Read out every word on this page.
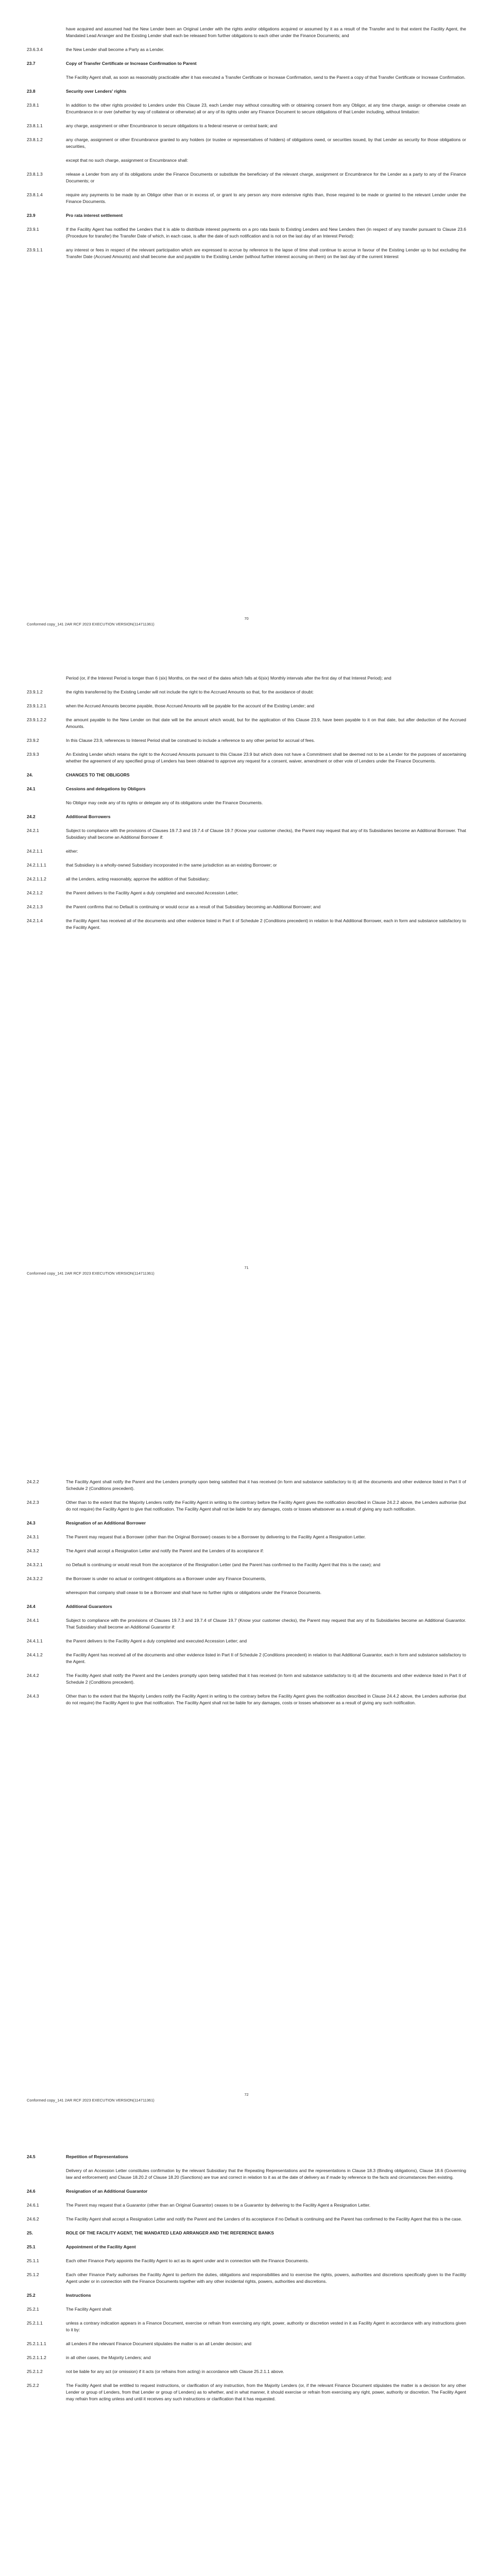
have acquired and assumed had the New Lender been an Original Lender with the rights and/or obligations acquired or assumed by it as a result of the Transfer and to that extent the Facility Agent, the Mandated Lead Arranger and the Existing Lender shall each be released from further obligations to each other under the Finance Documents; and
23.6.3.4	the New Lender shall become a Party as a Lender.
23.7	Copy of Transfer Certificate or Increase Confirmation to Parent
The Facility Agent shall, as soon as reasonably practicable after it has executed a Transfer Certificate or Increase Confirmation, send to the Parent a copy of that Transfer Certificate or Increase Confirmation.
23.8	Security over Lenders' rights
23.8.1	In addition to the other rights provided to Lenders under this Clause 23, each Lender may without consulting with or obtaining consent from any Obligor, at any time charge, assign or otherwise create an Encumbrance in or over (whether by way of collateral or otherwise) all or any of its rights under any Finance Document to secure obligations of that Lender including, without limitation:
23.8.1.1	any charge, assignment or other Encumbrance to secure obligations to a federal reserve or central bank; and
23.8.1.2	any charge, assignment or other Encumbrance granted to any holders (or trustee or representatives of holders) of obligations owed, or securities issued, by that Lender as security for those obligations or securities,
except that no such charge, assignment or Encumbrance shall:
23.8.1.3	release a Lender from any of its obligations under the Finance Documents or substitute the beneficiary of the relevant charge, assignment or Encumbrance for the Lender as a party to any of the Finance Documents; or
23.8.1.4	require any payments to be made by an Obligor other than or in excess of, or grant to any person any more extensive rights than, those required to be made or granted to the relevant Lender under the Finance Documents.
23.9	Pro rata interest settlement
23.9.1	If the Facility Agent has notified the Lenders that it is able to distribute interest payments on a pro rata basis to Existing Lenders and New Lenders then (in respect of any transfer pursuant to Clause 23.6 (Procedure for transfer) the Transfer Date of which, in each case, is after the date of such notification and is not on the last day of an Interest Period):
23.9.1.1	any interest or fees in respect of the relevant participation which are expressed to accrue by reference to the lapse of time shall continue to accrue in favour of the Existing Lender up to but excluding the Transfer Date (Accrued Amounts) and shall become due and payable to the Existing Lender (without further interest accruing on them) on the last day of the current Interest
70
Conformed copy_141 2AR RCF 2023 EXECUTION VERSION(114711361)
Period (or, if the Interest Period is longer than 6 (six) Months, on the next of the dates which falls at 6(six) Monthly intervals after the first day of that Interest Period); and
23.9.1.2	the rights transferred by the Existing Lender will not include the right to the Accrued Amounts so that, for the avoidance of doubt:
23.9.1.2.1	when the Accrued Amounts become payable, those Accrued Amounts will be payable for the account of the Existing Lender; and
23.9.1.2.2	the amount payable to the New Lender on that date will be the amount which would, but for the application of this Clause 23.9, have been payable to it on that date, but after deduction of the Accrued Amounts.
23.9.2	In this Clause 23.9, references to Interest Period shall be construed to include a reference to any other period for accrual of fees.
23.9.3	An Existing Lender which retains the right to the Accrued Amounts pursuant to this Clause 23.9 but which does not have a Commitment shall be deemed not to be a Lender for the purposes of ascertaining whether the agreement of any specified group of Lenders has been obtained to approve any request for a consent, waiver, amendment or other vote of Lenders under the Finance Documents.
24.	CHANGES TO THE OBLIGORS
24.1	Cessions and delegations by Obligors
No Obligor may cede any of its rights or delegate any of its obligations under the Finance Documents.
24.2	Additional Borrowers
24.2.1	Subject to compliance with the provisions of Clauses 19.7.3 and 19.7.4 of Clause 19.7 (Know your customer checks), the Parent may request that any of its Subsidiaries become an Additional Borrower. That Subsidiary shall become an Additional Borrower if:
24.2.1.1	either:
24.2.1.1.1	that Subsidiary is a wholly-owned Subsidiary incorporated in the same jurisdiction as an existing Borrower; or
24.2.1.1.2	all the Lenders, acting reasonably, approve the addition of that Subsidiary;
24.2.1.2	the Parent delivers to the Facility Agent a duly completed and executed Accession Letter;
24.2.1.3	the Parent confirms that no Default is continuing or would occur as a result of that Subsidiary becoming an Additional Borrower; and
24.2.1.4	the Facility Agent has received all of the documents and other evidence listed in Part II of Schedule 2 (Conditions precedent) in relation to that Additional Borrower, each in form and substance satisfactory to the Facility Agent.
71
Conformed copy_141 2AR RCF 2023 EXECUTION VERSION(114711361)
24.2.2	The Facility Agent shall notify the Parent and the Lenders promptly upon being satisfied that it has received (in form and substance satisfactory to it) all the documents and other evidence listed in Part II of Schedule 2 (Conditions precedent).
24.2.3	Other than to the extent that the Majority Lenders notify the Facility Agent in writing to the contrary before the Facility Agent gives the notification described in Clause 24.2.2 above, the Lenders authorise (but do not require) the Facility Agent to give that notification. The Facility Agent shall not be liable for any damages, costs or losses whatsoever as a result of giving any such notification.
24.3	Resignation of an Additional Borrower
24.3.1	The Parent may request that a Borrower (other than the Original Borrower) ceases to be a Borrower by delivering to the Facility Agent a Resignation Letter.
24.3.2	The Agent shall accept a Resignation Letter and notify the Parent and the Lenders of its acceptance if:
24.3.2.1	no Default is continuing or would result from the acceptance of the Resignation Letter (and the Parent has confirmed to the Facility Agent that this is the case); and
24.3.2.2	the Borrower is under no actual or contingent obligations as a Borrower under any Finance Documents,
whereupon that company shall cease to be a Borrower and shall have no further rights or obligations under the Finance Documents.
24.4	Additional Guarantors
24.4.1	Subject to compliance with the provisions of Clauses 19.7.3 and 19.7.4 of Clause 19.7 (Know your customer checks), the Parent may request that any of its Subsidiaries become an Additional Guarantor. That Subsidiary shall become an Additional Guarantor if:
24.4.1.1	the Parent delivers to the Facility Agent a duly completed and executed Accession Letter; and
24.4.1.2	the Facility Agent has received all of the documents and other evidence listed in Part II of Schedule 2 (Conditions precedent) in relation to that Additional Guarantor, each in form and substance satisfactory to the Agent.
24.4.2	The Facility Agent shall notify the Parent and the Lenders promptly upon being satisfied that it has received (in form and substance satisfactory to it) all the documents and other evidence listed in Part II of Schedule 2 (Conditions precedent).
24.4.3	Other than to the extent that the Majority Lenders notify the Facility Agent in writing to the contrary before the Facility Agent gives the notification described in Clause 24.4.2 above, the Lenders authorise (but do not require) the Facility Agent to give that notification. The Facility Agent shall not be liable for any damages, costs or losses whatsoever as a result of giving any such notification.
72
Conformed copy_141 2AR RCF 2023 EXECUTION VERSION(114711361)
24.5	Repetition of Representations
Delivery of an Accession Letter constitutes confirmation by the relevant Subsidiary that the Repeating Representations and the representations in Clause 18.3 (Binding obligations), Clause 18.6 (Governing law and enforcement) and Clause 18.20.2 of Clause 18.20 (Sanctions) are true and correct in relation to it as at the date of delivery as if made by reference to the facts and circumstances then existing.
24.6	Resignation of an Additional Guarantor
24.6.1	The Parent may request that a Guarantor (other than an Original Guarantor) ceases to be a Guarantor by delivering to the Facility Agent a Resignation Letter.
24.6.2	The Facility Agent shall accept a Resignation Letter and notify the Parent and the Lenders of its acceptance if no Default is continuing and the Parent has confirmed to the Facility Agent that this is the case.
25.	ROLE OF THE FACILITY AGENT, THE MANDATED LEAD ARRANGER AND THE REFERENCE BANKS
25.1	Appointment of the Facility Agent
25.1.1	Each other Finance Party appoints the Facility Agent to act as its agent under and in connection with the Finance Documents.
25.1.2	Each other Finance Party authorises the Facility Agent to perform the duties, obligations and responsibilities and to exercise the rights, powers, authorities and discretions specifically given to the Facility Agent under or in connection with the Finance Documents together with any other incidental rights, powers, authorities and discretions.
25.2	Instructions
25.2.1	The Facility Agent shall:
25.2.1.1	unless a contrary indication appears in a Finance Document, exercise or refrain from exercising any right, power, authority or discretion vested in it as Facility Agent in accordance with any instructions given to it by:
25.2.1.1.1	all Lenders if the relevant Finance Document stipulates the matter is an all Lender decision; and
25.2.1.1.2	in all other cases, the Majority Lenders; and
25.2.1.2	not be liable for any act (or omission) if it acts (or refrains from acting) in accordance with Clause 25.2.1.1 above.
25.2.2	The Facility Agent shall be entitled to request instructions, or clarification of any instruction, from the Majority Lenders (or, if the relevant Finance Document stipulates the matter is a decision for any other Lender or group of Lenders, from that Lender or group of Lenders) as to whether, and in what manner, it should exercise or refrain from exercising any right, power, authority or discretion. The Facility Agent may refrain from acting unless and until it receives any such instructions or clarification that it has requested.
